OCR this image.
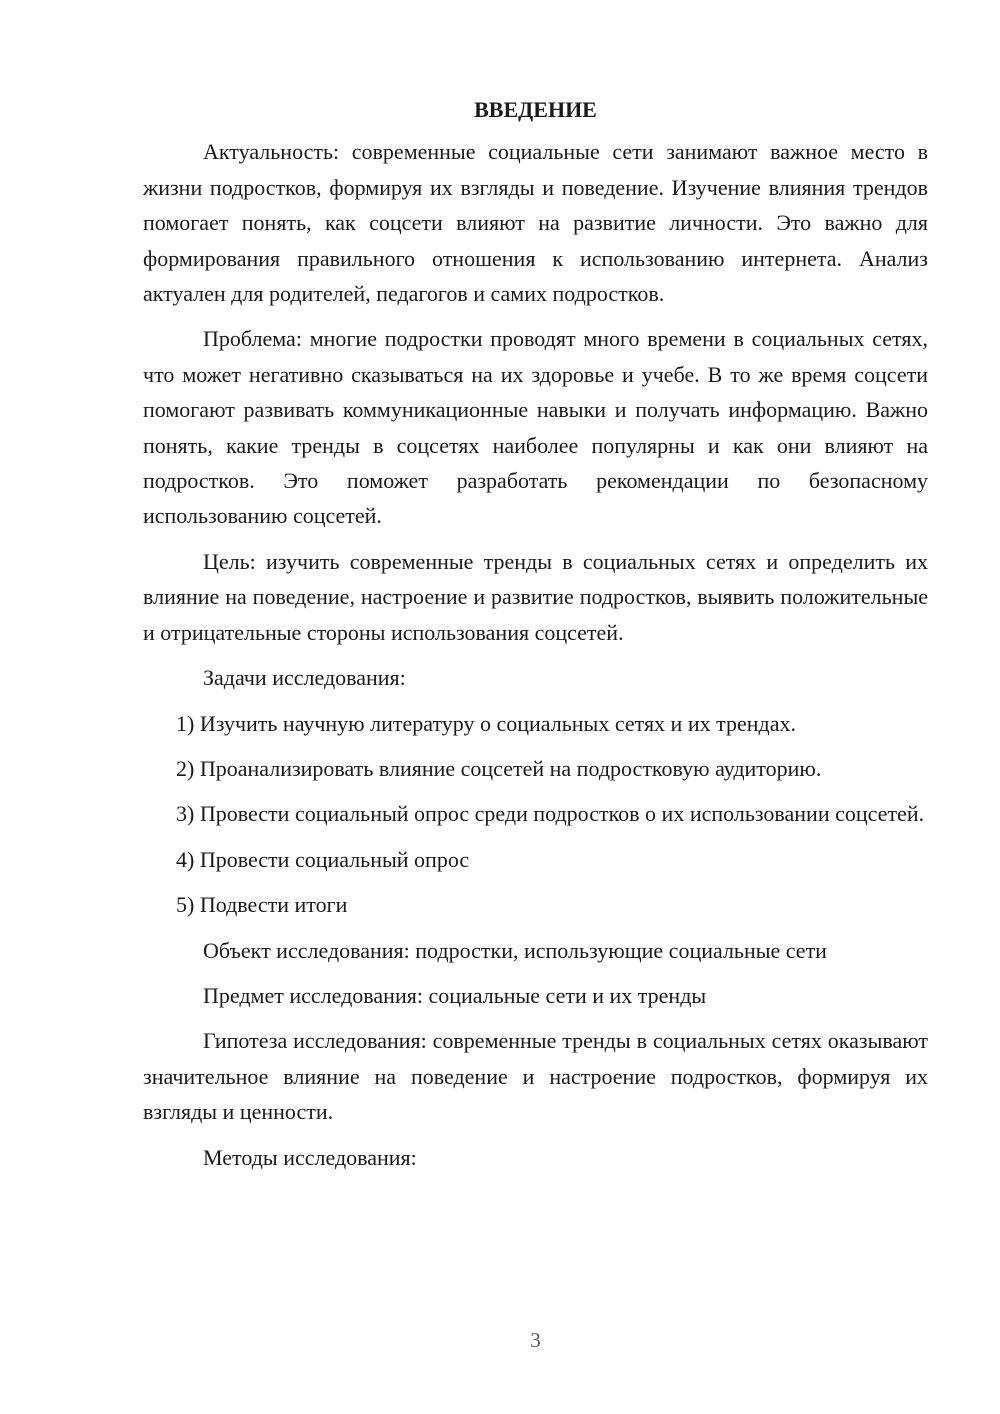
ВВЕДЕНИЕ

Актуальность: современные социальные сети занимают важное место в жизни подростков, формируя их взгляды и поведение. Изучение влияния трендов помогает понять, как соцсети влияют на развитие личности. Это важно для формирования правильного отношения к использованию интернета. Анализ актуален для родителей, педагогов и самих подростков.

Проблема: многие подростки проводят много времени в социальных сетях, что может негативно сказываться на их здоровье и учебе. В то же время соцсети помогают развивать коммуникационные навыки и получать информацию. Важно понять, какие тренды в соцсетях наиболее популярны и как они влияют на подростков. Это поможет разработать рекомендации по безопасному использованию соцсетей.

Цель: изучить современные тренды в социальных сетях и определить их влияние на поведение, настроение и развитие подростков, выявить положительные и отрицательные стороны использования соцсетей.

Задачи исследования:

1) Изучить научную литературу о социальных сетях и их трендах.

2) Проанализировать влияние соцсетей на подростковую аудиторию.

3) Провести социальный опрос среди подростков о их использовании соцсетей.

4) Провести социальный опрос

5) Подвести итоги

Объект исследования: подростки, использующие социальные сети

Предмет исследования: социальные сети и их тренды

Гипотеза исследования: современные тренды в социальных сетях оказывают значительное влияние на поведение и настроение подростков, формируя их взгляды и ценности.

Методы исследования:

3
